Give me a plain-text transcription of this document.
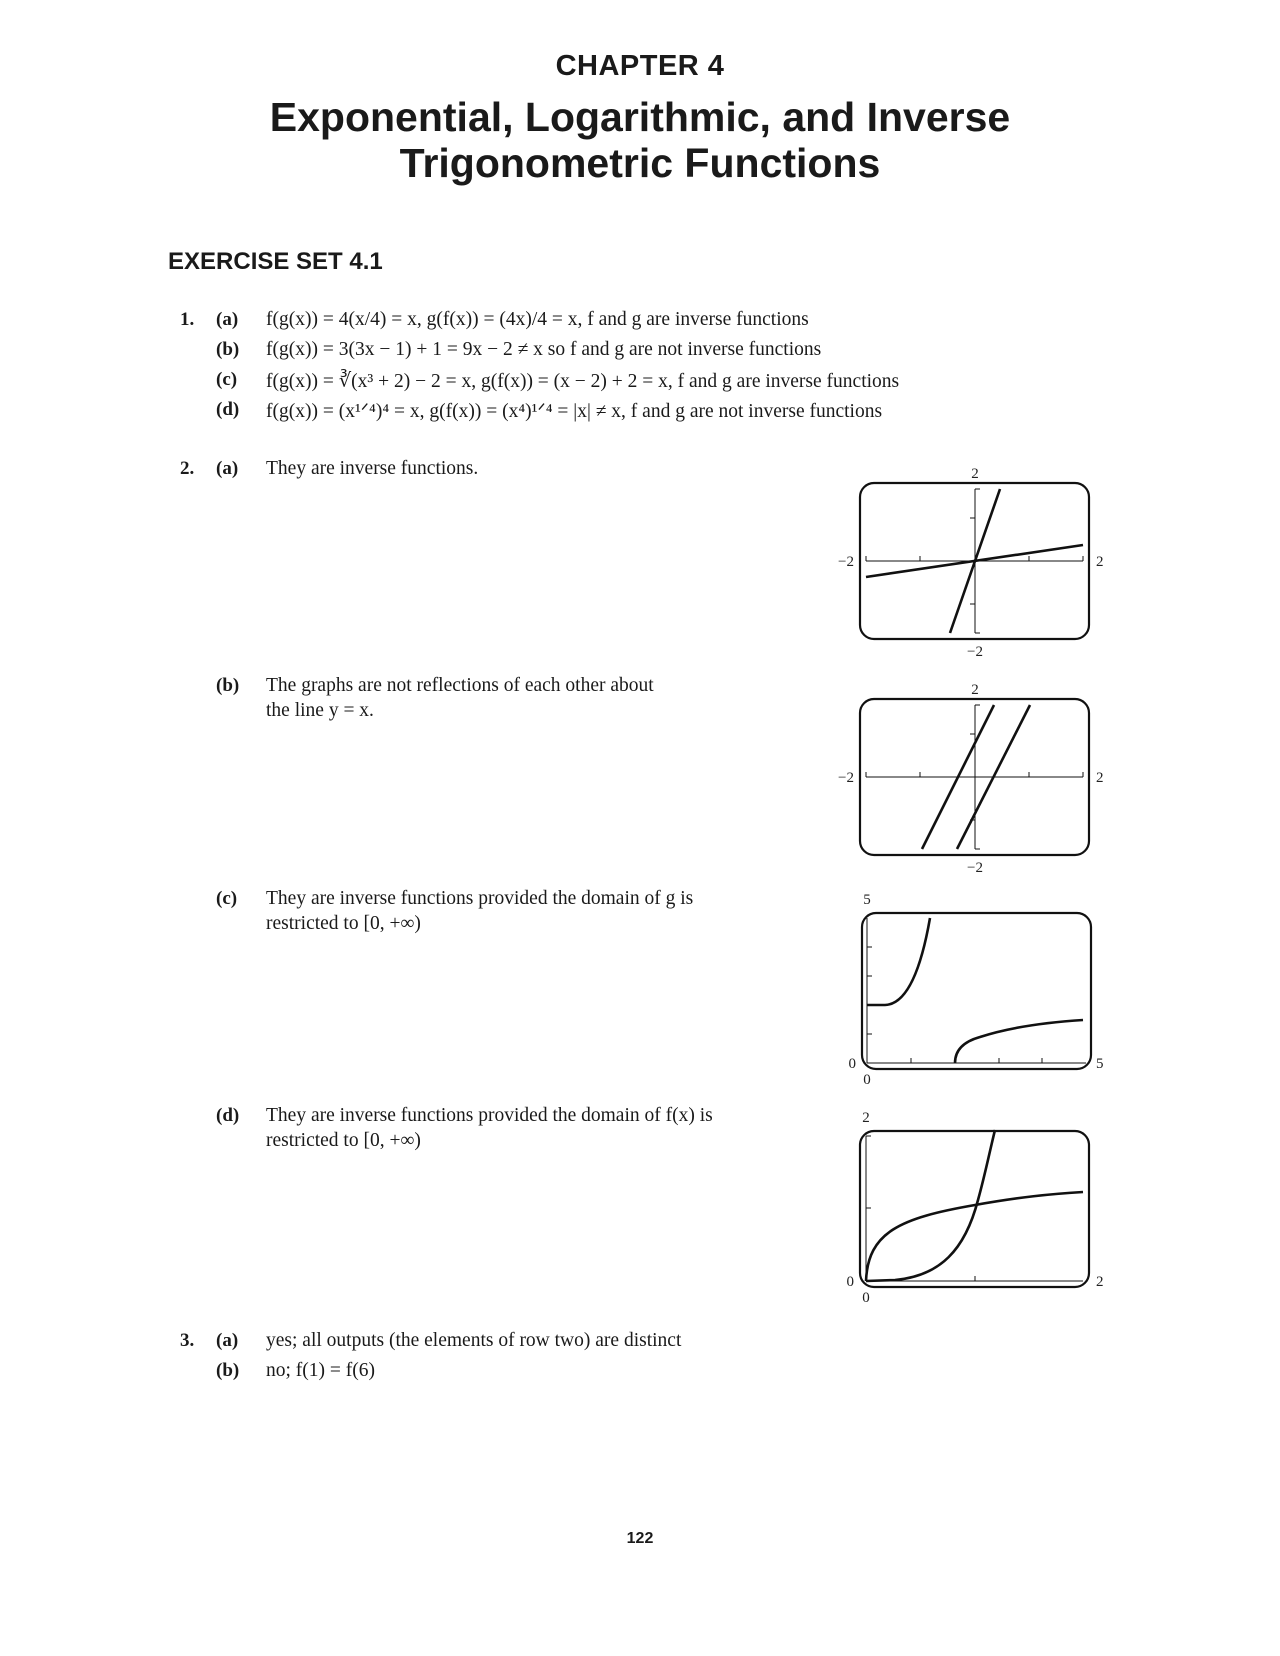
CHAPTER 4
Exponential, Logarithmic, and Inverse
Trigonometric Functions
EXERCISE SET 4.1
1. (a) f(g(x)) = 4(x/4) = x, g(f(x)) = (4x)/4 = x, f and g are inverse functions
(b) f(g(x)) = 3(3x − 1) + 1 = 9x − 2 ≠ x so f and g are not inverse functions
(c) f(g(x)) = ∛(x³ + 2) − 2 = x, g(f(x)) = (x − 2) + 2 = x, f and g are inverse functions
(d) f(g(x)) = (x¹ᐟ⁴)⁴ = x, g(f(x)) = (x⁴)¹ᐟ⁴ = |x| ≠ x, f and g are not inverse functions
2. (a) They are inverse functions.
(b) The graphs are not reflections of each other about the line y = x.
(c) They are inverse functions provided the domain of g is restricted to [0, +∞)
(d) They are inverse functions provided the domain of f(x) is restricted to [0, +∞)
3. (a) yes; all outputs (the elements of row two) are distinct
(b) no; f(1) = f(6)
2
−2
−2	2
2
−2
−2	2
5
0
0	5
2
0
0	2
122
